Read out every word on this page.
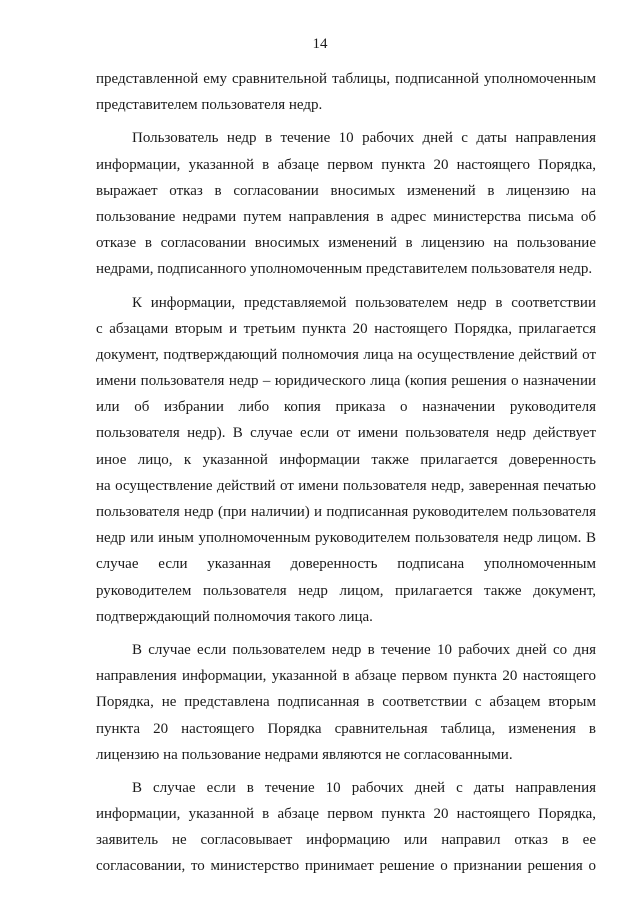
14
представленной ему сравнительной таблицы, подписанной уполномоченным
представителем пользователя недр.
Пользователь недр в течение 10 рабочих дней с даты направления
информации, указанной в абзаце первом пункта 20 настоящего Порядка,
выражает отказ в согласовании вносимых изменений в лицензию на
пользование недрами путем направления в адрес министерства письма об
отказе в согласовании вносимых изменений в лицензию на пользование
недрами, подписанного уполномоченным представителем пользователя недр.
К информации, представляемой пользователем недр в соответствии
с абзацами вторым и третьим пункта 20 настоящего Порядка, прилагается
документ, подтверждающий полномочия лица на осуществление действий от
имени пользователя недр – юридического лица (копия решения о назначении
или об избрании либо копия приказа о назначении руководителя
пользователя недр). В случае если от имени пользователя недр действует
иное лицо, к указанной информации также прилагается доверенность
на осуществление действий от имени пользователя недр, заверенная печатью
пользователя недр (при наличии) и подписанная руководителем пользователя
недр или иным уполномоченным руководителем пользователя недр лицом. В
случае если указанная доверенность подписана уполномоченным
руководителем пользователя недр лицом, прилагается также документ,
подтверждающий полномочия такого лица.
В случае если пользователем недр в течение 10 рабочих дней со дня
направления информации, указанной в абзаце первом пункта 20 настоящего
Порядка, не представлена подписанная в соответствии с абзацем вторым
пункта 20 настоящего Порядка сравнительная таблица, изменения в
лицензию на пользование недрами являются не согласованными.
В случае если в течение 10 рабочих дней с даты направления
информации, указанной в абзаце первом пункта 20 настоящего Порядка,
заявитель не согласовывает информацию или направил отказ в ее
согласовании, то министерство принимает решение о признании решения о
